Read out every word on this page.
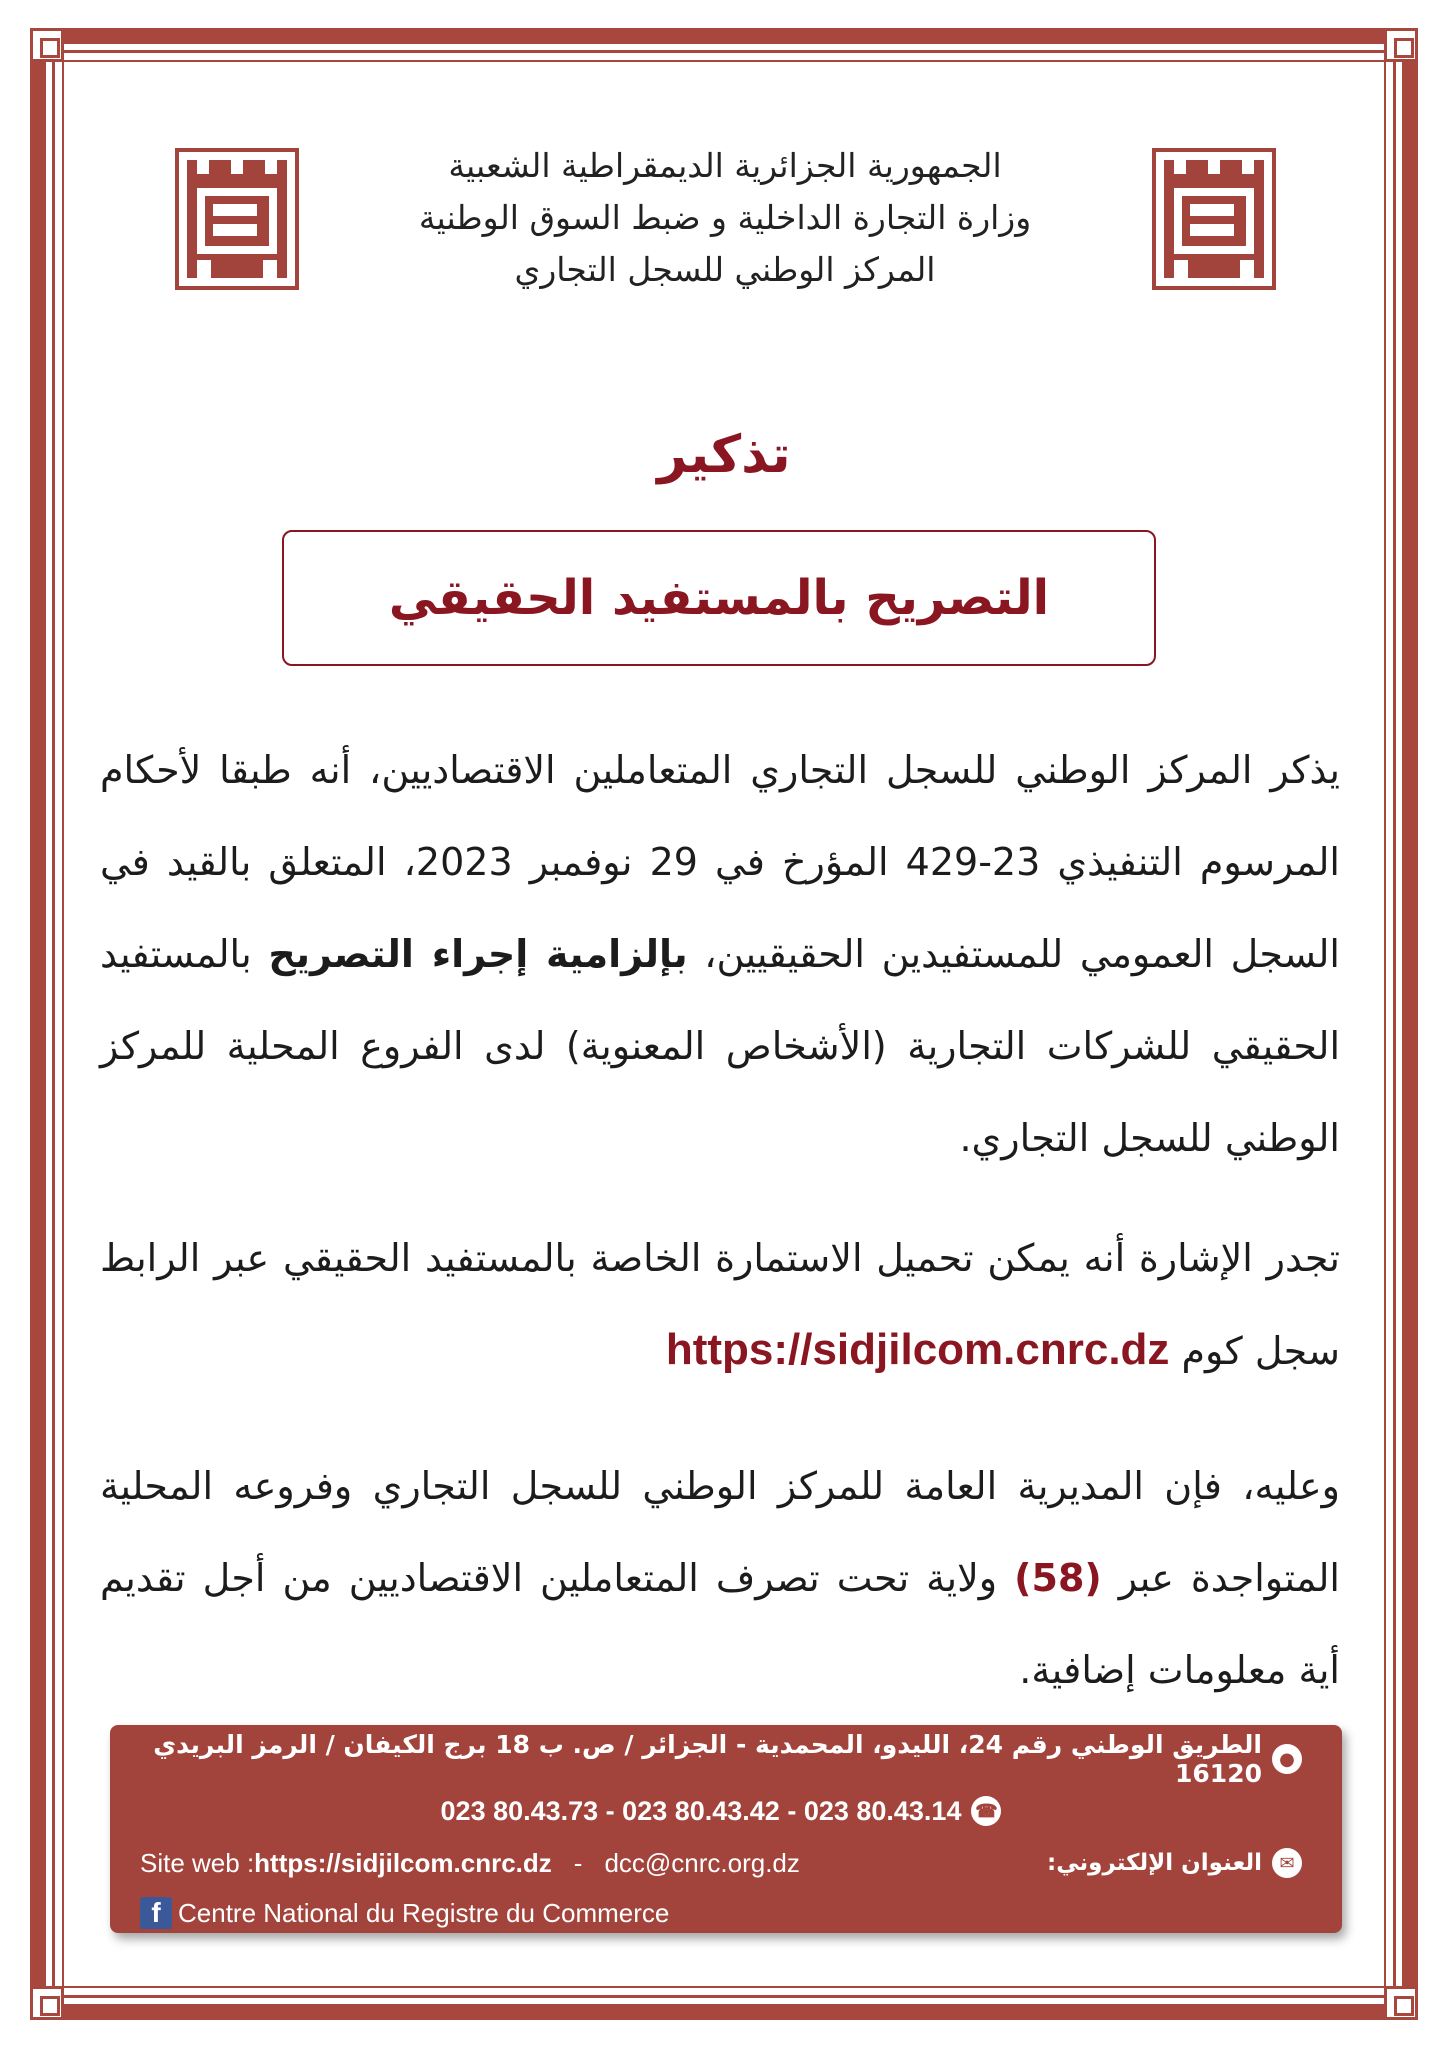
الجمهورية الجزائرية الديمقراطية الشعبية
وزارة التجارة الداخلية و ضبط السوق الوطنية
المركز الوطني للسجل التجاري
تذكير
التصريح بالمستفيد الحقيقي
يذكر المركز الوطني للسجل التجاري المتعاملين الاقتصاديين، أنه طبقا لأحكام المرسوم التنفيذي 23-429 المؤرخ في 29 نوفمبر 2023، المتعلق بالقيد في السجل العمومي للمستفيدين الحقيقيين، بإلزامية إجراء التصريح بالمستفيد الحقيقي للشركات التجارية (الأشخاص المعنوية) لدى الفروع المحلية للمركز الوطني للسجل التجاري.
تجدر الإشارة أنه يمكن تحميل الاستمارة الخاصة بالمستفيد الحقيقي عبر الرابط سجل كوم https://sidjilcom.cnrc.dz
وعليه، فإن المديرية العامة للمركز الوطني للسجل التجاري وفروعه المحلية المتواجدة عبر (58) ولاية تحت تصرف المتعاملين الاقتصاديين من أجل تقديم أية معلومات إضافية.
●
الطريق الوطني رقم 24، الليدو، المحمدية - الجزائر / ص. ب 18 برج الكيفان / الرمز البريدي 16120
023 80.43.73 - 023 80.43.42 - 023 80.43.14 ☎
Site web : https://sidjilcom.cnrc.dz - dcc@cnrc.org.dz	✉
العنوان الإلكتروني:
f Centre National du Registre du Commerce
